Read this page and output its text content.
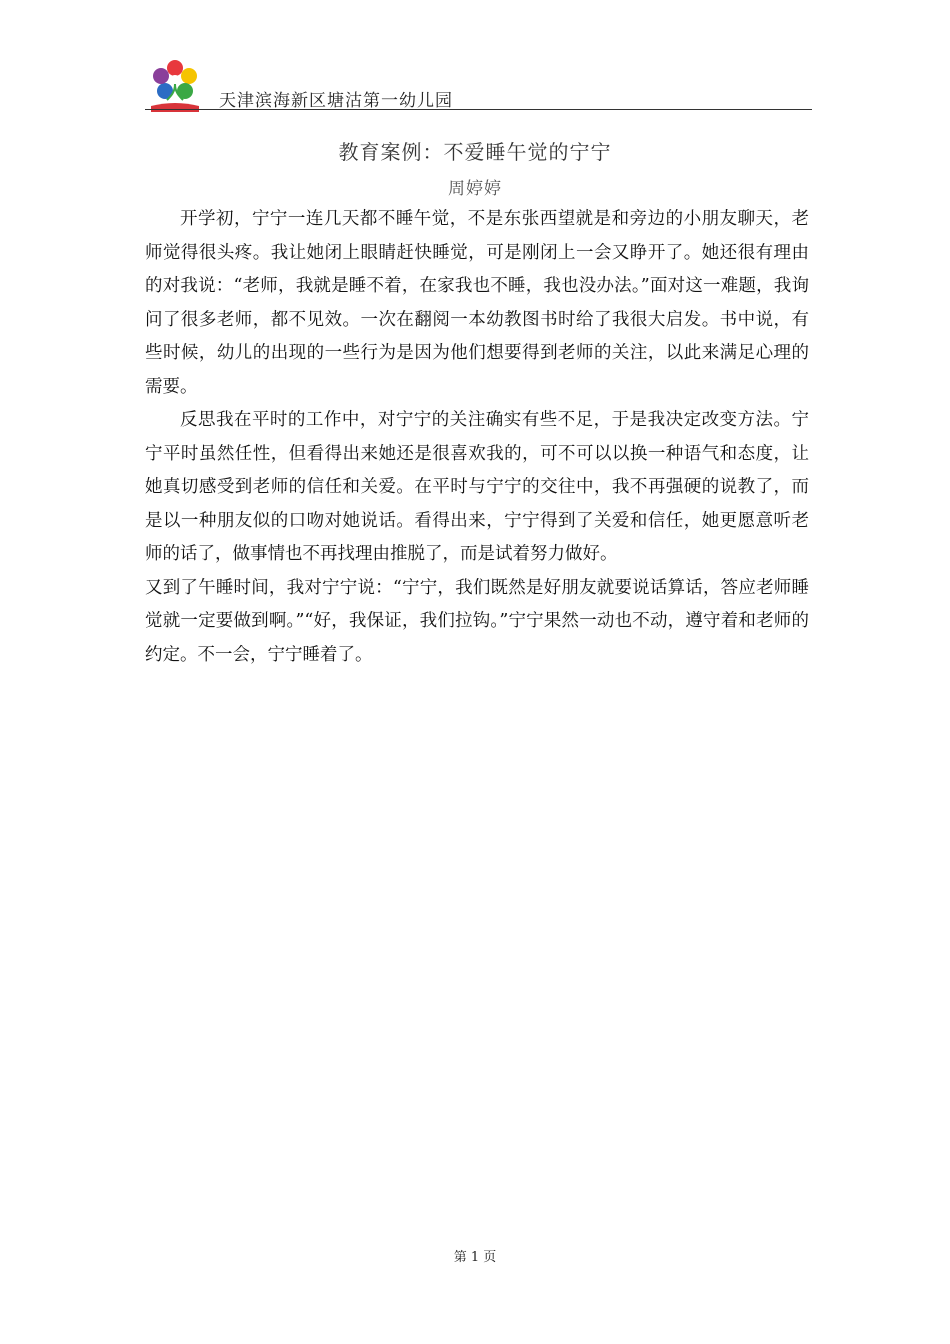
天津滨海新区塘沽第一幼儿园
教育案例：不爱睡午觉的宁宁
周婷婷

开学初，宁宁一连几天都不睡午觉，不是东张西望就是和旁边的小朋友聊天，老师觉得很头疼。我让她闭上眼睛赶快睡觉，可是刚闭上一会又睁开了。她还很有理由的对我说：“老师，我就是睡不着，在家我也不睡，我也没办法。”面对这一难题，我询问了很多老师，都不见效。一次在翻阅一本幼教图书时给了我很大启发。书中说，有些时候，幼儿的出现的一些行为是因为他们想要得到老师的关注，以此来满足心理的需要。

反思我在平时的工作中，对宁宁的关注确实有些不足，于是我决定改变方法。宁宁平时虽然任性，但看得出来她还是很喜欢我的，可不可以以换一种语气和态度，让她真切感受到老师的信任和关爱。在平时与宁宁的交往中，我不再强硬的说教了，而是以一种朋友似的口吻对她说话。看得出来，宁宁得到了关爱和信任，她更愿意听老师的话了，做事情也不再找理由推脱了，而是试着努力做好。

又到了午睡时间，我对宁宁说：“宁宁，我们既然是好朋友就要说话算话，答应老师睡觉就一定要做到啊。”“好，我保证，我们拉钩。”宁宁果然一动也不动，遵守着和老师的约定。不一会，宁宁睡着了。

第 1 页
